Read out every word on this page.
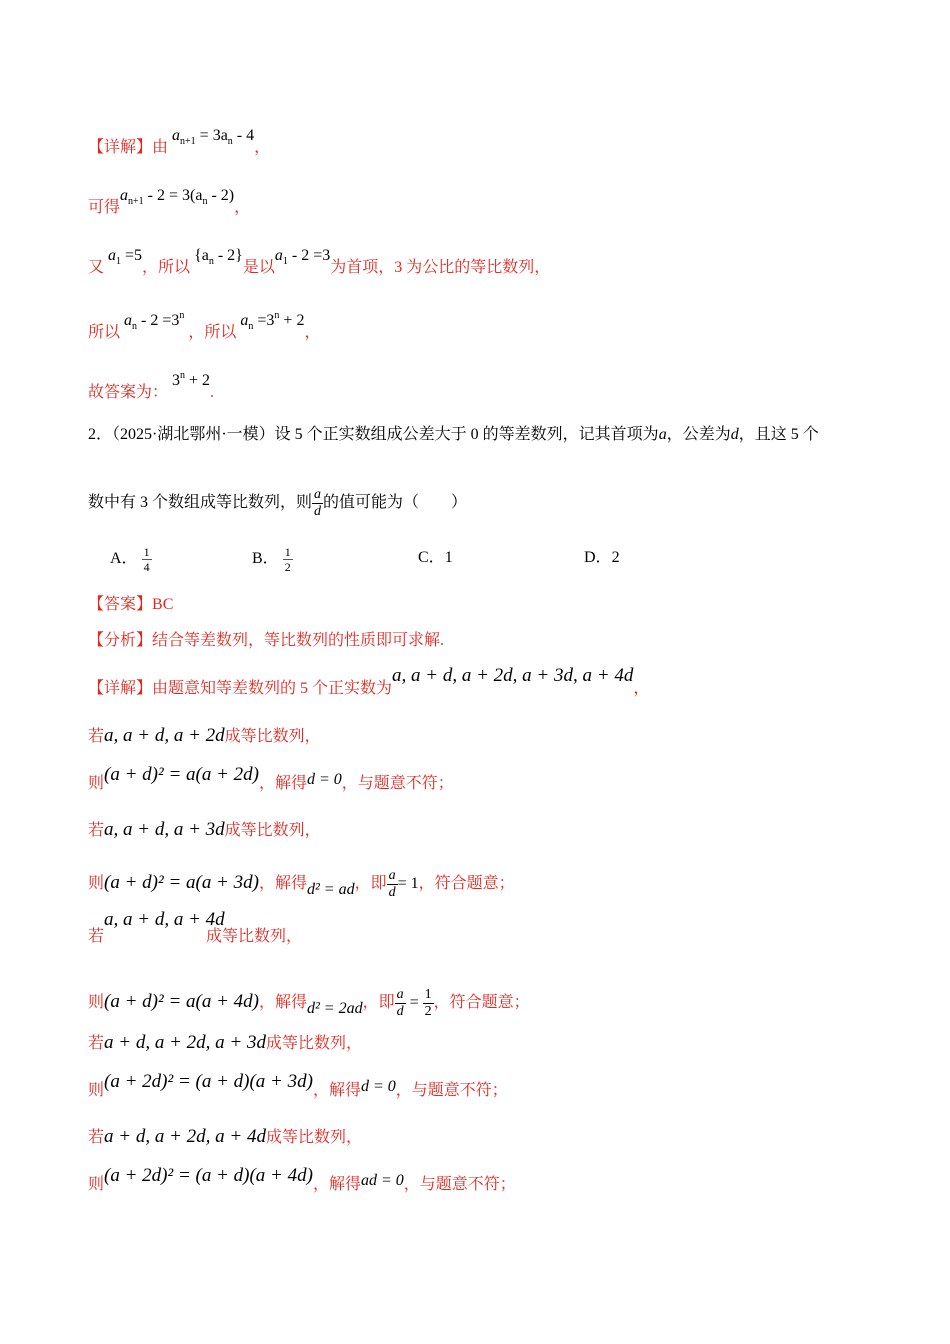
【详解】由 $a_{n+1} = 3a_n - 4$，
可得$a_{n+1} - 2 = 3(a_n - 2)$，
又 $a_1 =5$，所以 $\{a_n - 2\}$是以$a_1 - 2 =3$为首项，3 为公比的等比数列，
所以 $a_n - 2 =3^n$ ，所以 $a_n =3^n + 2$，
故答案为： $3^n + 2$.
2．（2025·湖北鄂州·一模）设 5 个正实数组成公差大于 0 的等差数列，记其首项为a，公差为d，且这 5 个
数中有 3 个数组成等比数列，则 $\frac{a}{d}$ 的值可能为（　　）
A． $\frac{1}{4}$	B． $\frac{1}{2}$	C．1	D．2
【答案】BC
【分析】结合等差数列，等比数列的性质即可求解.
【详解】由题意知等差数列的 5 个正实数为a, a + d, a + 2d, a + 3d, a + 4d，
若a, a + d, a + 2d成等比数列，
则(a + d)² = a(a + 2d)，解得d = 0，与题意不符；
若a, a + d, a + 3d成等比数列，
则(a + d)² = a(a + 3d)，解得d² = ad，即 $\frac{a}{d} = 1$，符合题意；
a, a + d, a + 4d
若	成等比数列，
则(a + d)² = a(a + 4d)，解得d² = 2ad，即 $\frac{a}{d} = \frac{1}{2}$ ，符合题意；
若a + d, a + 2d, a + 3d成等比数列，
则(a + 2d)² = (a + d)(a + 3d)，解得d = 0，与题意不符；
若a + d, a + 2d, a + 4d成等比数列，
则(a + 2d)² = (a + d)(a + 4d)，解得ad = 0，与题意不符；
